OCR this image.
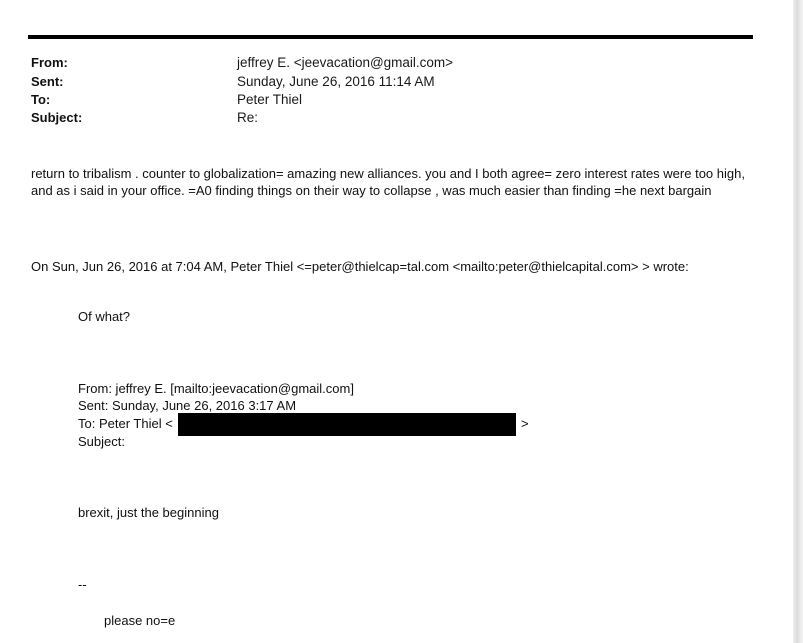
From:	jeffrey E. <jeevacation@gmail.com>
Sent:	Sunday, June 26, 2016 11:14 AM
To:	Peter Thiel
Subject:	Re:
return to tribalism . counter to globalization= amazing new alliances. you and I both agree= zero interest rates were too high, and as i said in your office. =A0 finding things on their way to collapse , was much easier than finding =he next bargain
On Sun, Jun 26, 2016 at 7:04 AM, Peter Thiel <=peter@thielcap=tal.com <mailto:peter@thielcapital.com> > wrote:
Of what?
From: jeffrey E. [mailto:jeevacation@gmail.com]
Sent: Sunday, June 26, 2016 3:17 AM
To: Peter Thiel <	>
Subject:
brexit, just the beginning
--
please no=e
